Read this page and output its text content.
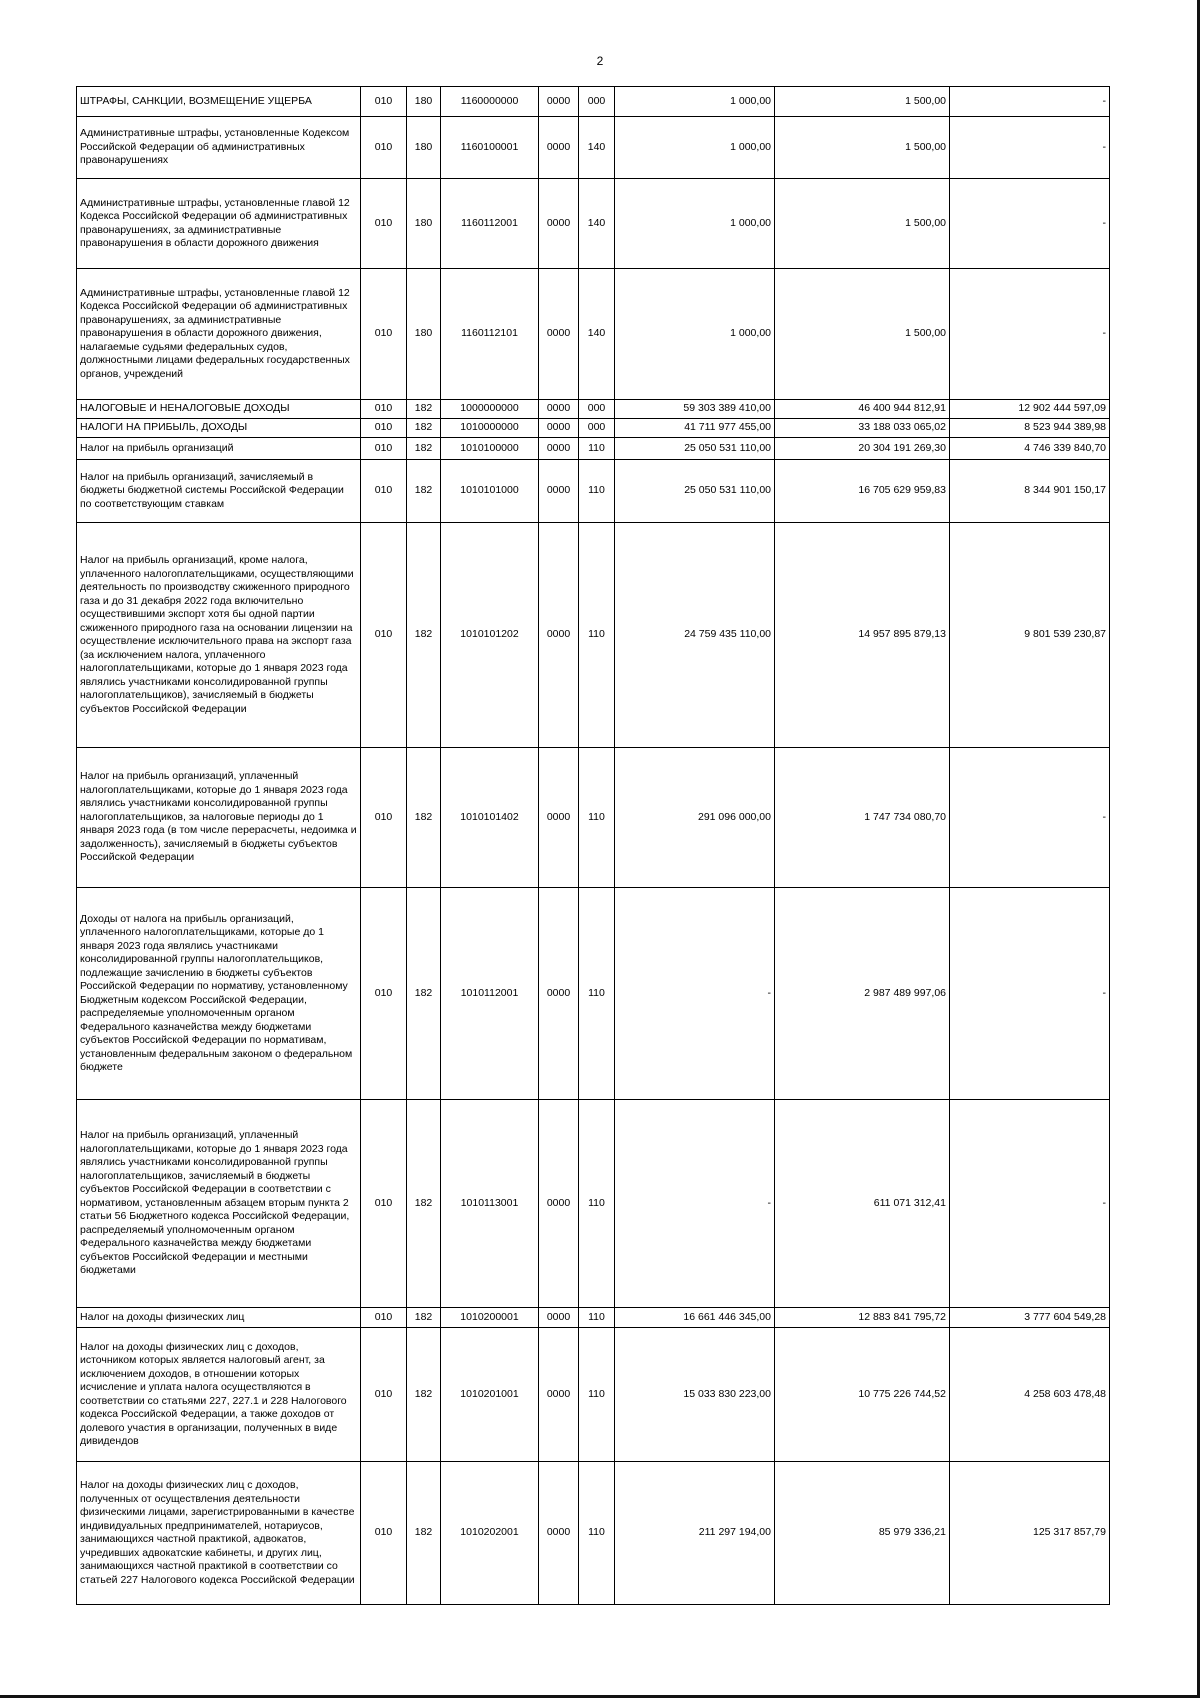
2
ШТРАФЫ, САНКЦИИ, ВОЗМЕЩЕНИЕ УЩЕРБА	010	180	1160000000	0000	000	1 000,00	1 500,00	-
Административные штрафы, установленные Кодексом Российской Федерации об административных правонарушениях	010	180	1160100001	0000	140	1 000,00	1 500,00	-
Административные штрафы, установленные главой 12 Кодекса Российской Федерации об административных правонарушениях, за административные правонарушения в области дорожного движения	010	180	1160112001	0000	140	1 000,00	1 500,00	-
Административные штрафы, установленные главой 12 Кодекса Российской Федерации об административных правонарушениях, за административные правонарушения в области дорожного движения, налагаемые судьями федеральных судов, должностными лицами федеральных государственных органов, учреждений	010	180	1160112101	0000	140	1 000,00	1 500,00	-
НАЛОГОВЫЕ И НЕНАЛОГОВЫЕ ДОХОДЫ	010	182	1000000000	0000	000	59 303 389 410,00	46 400 944 812,91	12 902 444 597,09
НАЛОГИ НА ПРИБЫЛЬ, ДОХОДЫ	010	182	1010000000	0000	000	41 711 977 455,00	33 188 033 065,02	8 523 944 389,98
Налог на прибыль организаций	010	182	1010100000	0000	110	25 050 531 110,00	20 304 191 269,30	4 746 339 840,70
Налог на прибыль организаций, зачисляемый в бюджеты бюджетной системы Российской Федерации по соответствующим ставкам	010	182	1010101000	0000	110	25 050 531 110,00	16 705 629 959,83	8 344 901 150,17
Налог на прибыль организаций, кроме налога, уплаченного налогоплательщиками, осуществляющими деятельность по производству сжиженного природного газа и до 31 декабря 2022 года включительно осуществившими экспорт хотя бы одной партии сжиженного природного газа на основании лицензии на осуществление исключительного права на экспорт газа (за исключением налога, уплаченного налогоплательщиками, которые до 1 января 2023 года являлись участниками консолидированной группы налогоплательщиков), зачисляемый в бюджеты субъектов Российской Федерации	010	182	1010101202	0000	110	24 759 435 110,00	14 957 895 879,13	9 801 539 230,87
Налог на прибыль организаций, уплаченный налогоплательщиками, которые до 1 января 2023 года являлись участниками консолидированной группы налогоплательщиков, за налоговые периоды до 1 января 2023 года (в том числе перерасчеты, недоимка и задолженность), зачисляемый в бюджеты субъектов Российской Федерации	010	182	1010101402	0000	110	291 096 000,00	1 747 734 080,70	-
Доходы от налога на прибыль организаций, уплаченного налогоплательщиками, которые до 1 января 2023 года являлись участниками консолидированной группы налогоплательщиков, подлежащие зачислению в бюджеты субъектов Российской Федерации по нормативу, установленному Бюджетным кодексом Российской Федерации, распределяемые уполномоченным органом Федерального казначейства между бюджетами субъектов Российской Федерации по нормативам, установленным федеральным законом о федеральном бюджете	010	182	1010112001	0000	110	-	2 987 489 997,06	-
Налог на прибыль организаций, уплаченный налогоплательщиками, которые до 1 января 2023 года являлись участниками консолидированной группы налогоплательщиков, зачисляемый в бюджеты субъектов Российской Федерации в соответствии с нормативом, установленным абзацем вторым пункта 2 статьи 56 Бюджетного кодекса Российской Федерации, распределяемый уполномоченным органом Федерального казначейства между бюджетами субъектов Российской Федерации и местными бюджетами	010	182	1010113001	0000	110	-	611 071 312,41	-
Налог на доходы физических лиц	010	182	1010200001	0000	110	16 661 446 345,00	12 883 841 795,72	3 777 604 549,28
Налог на доходы физических лиц с доходов, источником которых является налоговый агент, за исключением доходов, в отношении которых исчисление и уплата налога осуществляются в соответствии со статьями 227, 227.1 и 228 Налогового кодекса Российской Федерации, а также доходов от долевого участия в организации, полученных в виде дивидендов	010	182	1010201001	0000	110	15 033 830 223,00	10 775 226 744,52	4 258 603 478,48
Налог на доходы физических лиц с доходов, полученных от осуществления деятельности физическими лицами, зарегистрированными в качестве индивидуальных предпринимателей, нотариусов, занимающихся частной практикой, адвокатов, учредивших адвокатские кабинеты, и других лиц, занимающихся частной практикой в соответствии со статьей 227 Налогового кодекса Российской Федерации	010	182	1010202001	0000	110	211 297 194,00	85 979 336,21	125 317 857,79
